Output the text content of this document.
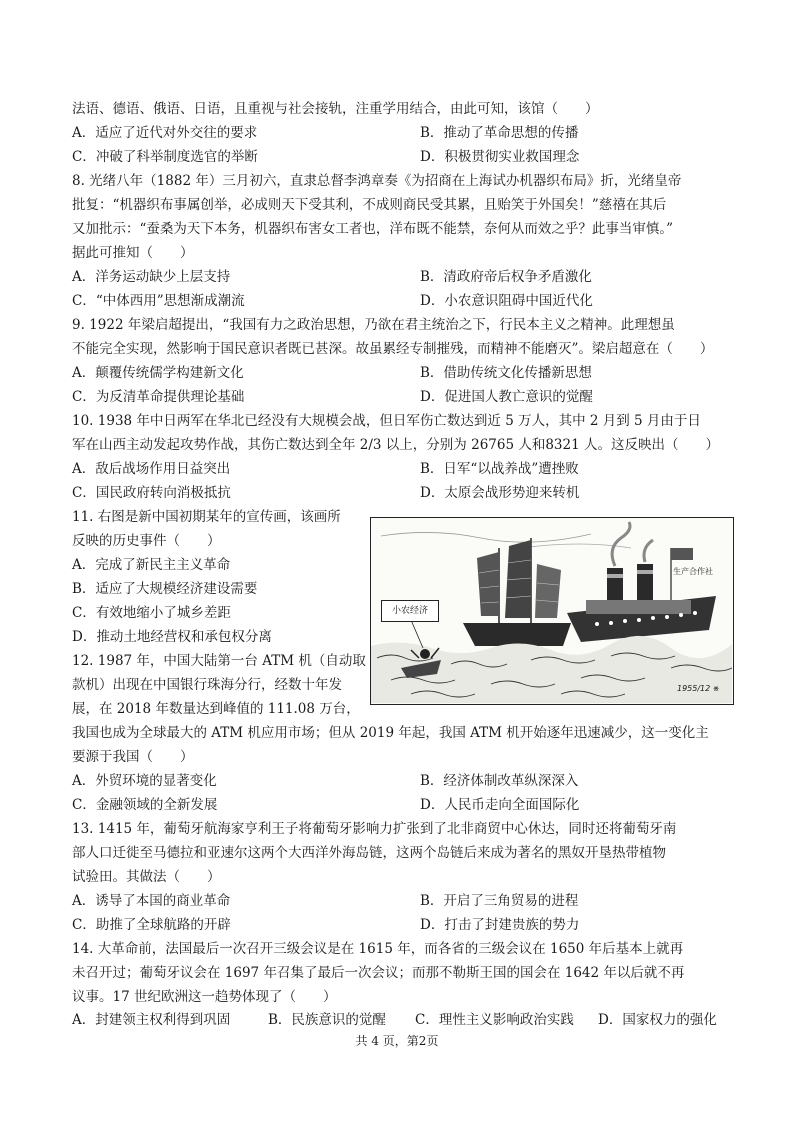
法语、德语、俄语、日语，且重视与社会接轨，注重学用结合，由此可知，该馆（　　）
A．适应了近代对外交往的要求	B．推动了革命思想的传播
C．冲破了科举制度选官的举断	D．积极贯彻实业救国理念
8. 光绪八年（1882 年）三月初六，直隶总督李鸿章奏《为招商在上海试办机器织布局》折，光绪皇帝
批复：“机器织布事属创举，必成则天下受其利，不成则商民受其累，且贻笑于外国矣！”慈禧在其后
又加批示：“蚕桑为天下本务，机器织布害女工者也，洋布既不能禁，奈何从而效之乎？此事当审慎。”
据此可推知（　　）
A．洋务运动缺少上层支持	B．清政府帝后权争矛盾激化
C．“中体西用”思想渐成潮流	D．小农意识阻碍中国近代化
9. 1922 年梁启超提出，“我国有力之政治思想，乃欲在君主统治之下，行民本主义之精神。此理想虽
不能完全实现，然影响于国民意识者既已甚深。故虽累经专制摧残，而精神不能磨灭”。梁启超意在（　　）
A．颠覆传统儒学构建新文化	B．借助传统文化传播新思想
C．为反清革命提供理论基础	D．促进国人教亡意识的觉醒
10. 1938 年中日两军在华北已经没有大规模会战，但日军伤亡数达到近 5 万人，其中 2 月到 5 月由于日
军在山西主动发起攻势作战，其伤亡数达到全年 2/3 以上，分别为 26765 人和8321 人。这反映出（　　）
A．敌后战场作用日益突出	B．日军“以战养战”遭挫败
C．国民政府转向消极抵抗	D．太原会战形势迎来转机
11. 右图是新中国初期某年的宣传画，该画所
反映的历史事件（　　）
A．完成了新民主主义革命
B．适应了大规模经济建设需要
C．有效地缩小了城乡差距
D．推动土地经营权和承包权分离
小农经济
生产合作社
1955/12 ※
12. 1987 年，中国大陆第一台 ATM 机（自动取
款机）出现在中国银行珠海分行，经数十年发
展，在 2018 年数量达到峰值的 111.08 万台，
我国也成为全球最大的 ATM 机应用市场；但从 2019 年起，我国 ATM 机开始逐年迅速减少，这一变化主
要源于我国（　　）
A．外贸环境的显著变化	B．经济体制改革纵深深入
C．金融领域的全新发展	D．人民币走向全面国际化
13. 1415 年，葡萄牙航海家亨利王子将葡萄牙影响力扩张到了北非商贸中心休达，同时还将葡萄牙南
部人口迁徙至马德拉和亚速尔这两个大西洋外海岛链，这两个岛链后来成为著名的黑奴开垦热带植物
试验田。其做法（　　）
A．诱导了本国的商业革命	B．开启了三角贸易的进程
C．助推了全球航路的开辟	D．打击了封建贵族的势力
14. 大革命前，法国最后一次召开三级会议是在 1615 年，而各省的三级会议在 1650 年后基本上就再
未召开过；葡萄牙议会在 1697 年召集了最后一次会议；而那不勒斯王国的国会在 1642 年以后就不再
议事。17 世纪欧洲这一趋势体现了（　　）
A．封建领主权利得到巩固	B．民族意识的觉醒 C．理性主义影响政治实践 D．国家权力的强化
共 4 页，第2页
